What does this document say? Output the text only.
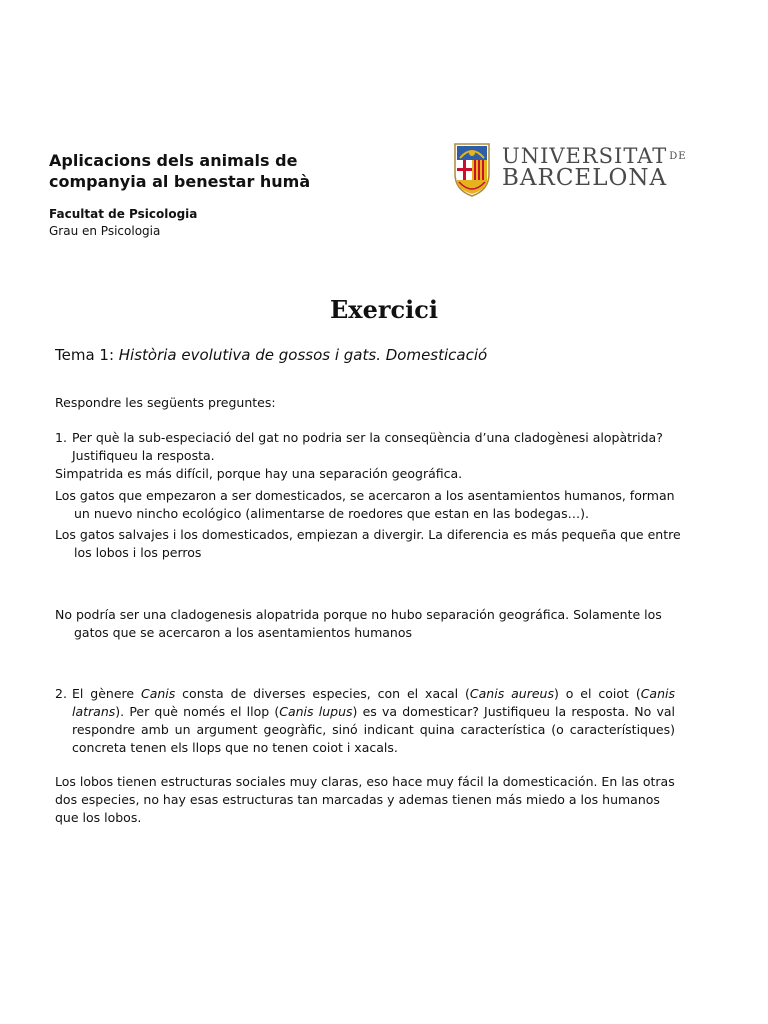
Aplicacions dels animals de companyia al benestar humà
Facultat de Psicologia
Grau en Psicologia
UNIVERSITAT DE
BARCELONA
Exercici
Tema 1: Història evolutiva de gossos i gats. Domesticació
Respondre les següents preguntes:
1. Per què la sub-especiació del gat no podria ser la conseqüència d’una cladogènesi alopàtrida? Justifiqueu la resposta.
Simpatrida es más difícil, porque hay una separación geográfica.
Los gatos que empezaron a ser domesticados, se acercaron a los asentamientos humanos, forman un nuevo nincho ecológico (alimentarse de roedores que estan en las bodegas…).
Los gatos salvajes i los domesticados, empiezan a divergir. La diferencia es más pequeña que entre los lobos i los perros
No podría ser una cladogenesis alopatrida porque no hubo separación geográfica. Solamente los gatos que se acercaron a los asentamientos humanos
2. El gènere Canis consta de diverses especies, con el xacal (Canis aureus) o el coiot (Canis latrans). Per què només el llop (Canis lupus) es va domesticar? Justifiqueu la resposta. No val respondre amb un argument geogràfic, sinó indicant quina característica (o característiques) concreta tenen els llops que no tenen coiot i xacals.
Los lobos tienen estructuras sociales muy claras, eso hace muy fácil la domesticación. En las otras dos especies, no hay esas estructuras tan marcadas y ademas tienen más miedo a los humanos que los lobos.
